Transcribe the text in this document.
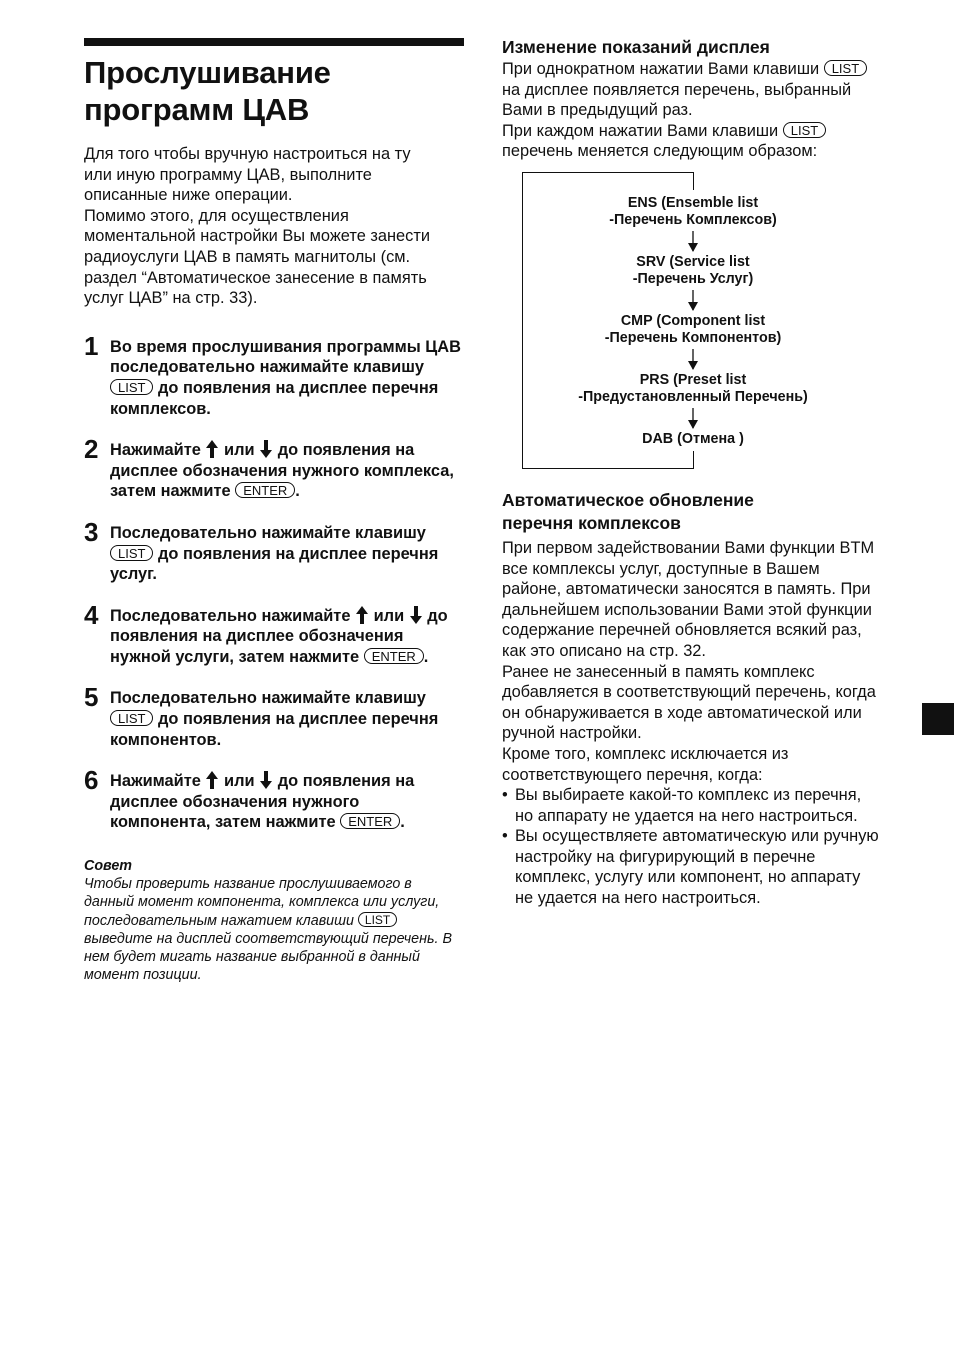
Прослушивание
программ ЦАВ

Для того чтобы вручную настроиться на ту
или иную программу ЦАВ, выполните
описанные ниже операции.
Помимо этого, для осуществления
моментальной настройки Вы можете занести
радиоуслуги ЦАВ в память магнитолы (см.
раздел “Автоматическое занесение в память
услуг ЦАВ” на стр. 33).

1 Во время прослушивания программы ЦАВ последовательно нажимайте клавишу LIST до появления на дисплее перечня комплексов.
2 Нажимайте или до появления на дисплее обозначения нужного комплекса, затем нажмите ENTER .
3 Последовательно нажимайте клавишу LIST до появления на дисплее перечня услуг.
4 Последовательно нажимайте или до появления на дисплее обозначения нужной услуги, затем нажмите ENTER .
5 Последовательно нажимайте клавишу LIST до появления на дисплее перечня компонентов.
6 Нажимайте или до появления на дисплее обозначения нужного компонента, затем нажмите ENTER .
Совет
Чтобы проверить название прослушиваемого в данный момент компонента, комплекса или услуги, последовательным нажатием клавиши LIST выведите на дисплей соответствующий перечень. В нем будет мигать название выбранной в данный момент позиции.
Изменение показаний дисплея

При однократном нажатии Вами клавиши LIST на дисплее появляется перечень, выбранный Вами в предыдущий раз.
При каждом нажатии Вами клавиши LIST перечень меняется следующим образом:

ENS (Ensemble list
-Перечень Комплексов)
SRV (Service list
-Перечень Услуг)
CMP (Component list
-Перечень Компонентов)
PRS (Preset list
-Предустановленный Перечень)
DAB (Отмена )
Автоматическое обновление
перечня комплексов

При первом задействовании Вами функции BTM все комплексы услуг, доступные в Вашем районе, автоматически заносятся в память. При дальнейшем использовании Вами этой функции содержание перечней обновляется всякий раз, как это описано на стр. 32.
Ранее не занесенный в память комплекс добавляется в соответствующий перечень, когда он обнаруживается в ходе автоматической или ручной настройки.
Кроме того, комплекс исключается из соответствующего перечня, когда:

• Вы выбираете какой-то комплекс из перечня, но аппарату не удается на него настроиться.
• Вы осуществляете автоматическую или ручную настройку на фигурирующий в перечне комплекс, услугу или компонент, но аппарату не удается на него настроиться.
